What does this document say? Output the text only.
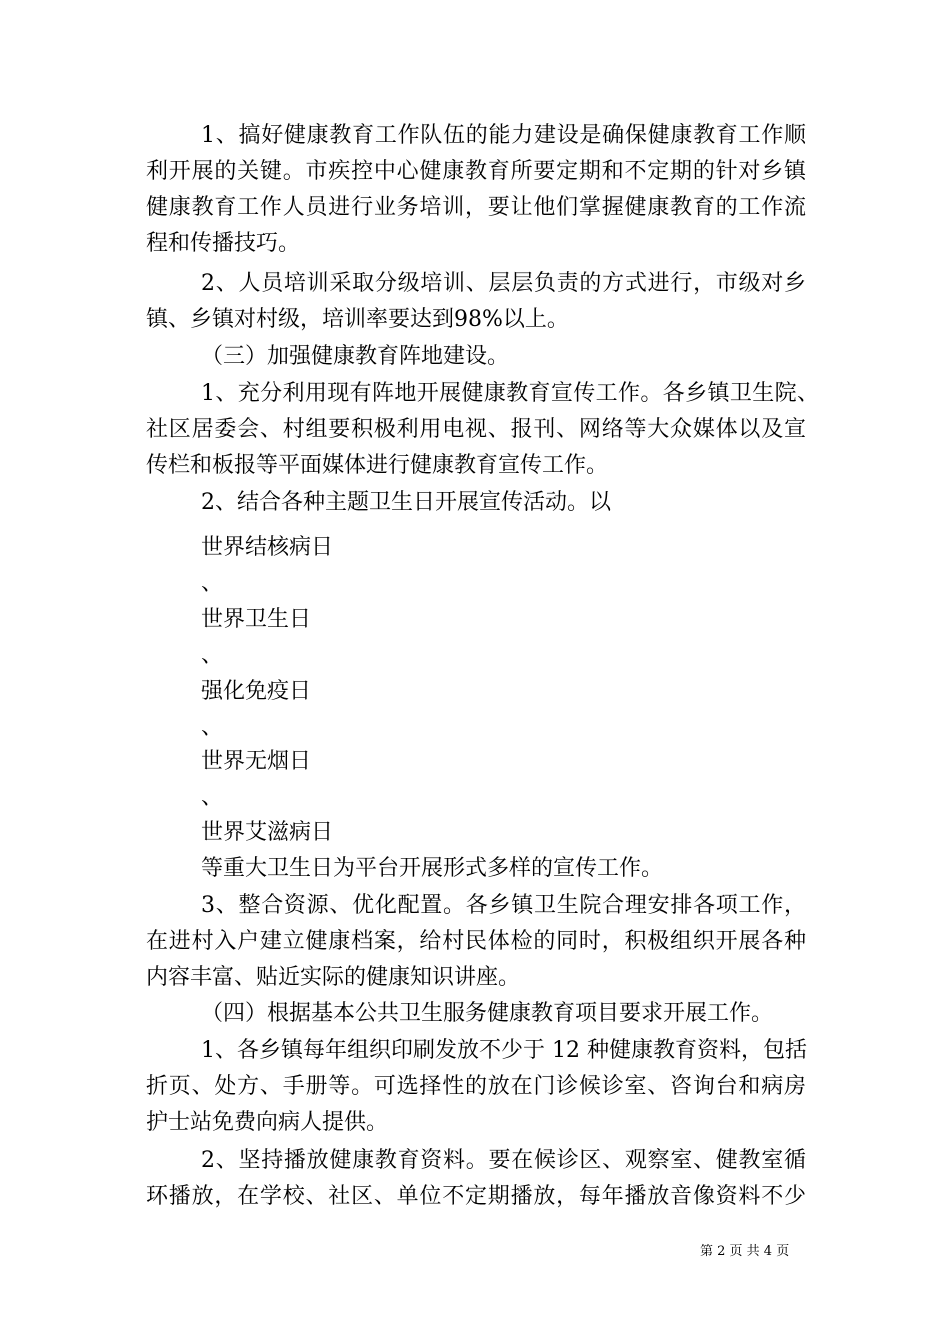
1、搞好健康教育工作队伍的能力建设是确保健康教育工作顺
利开展的关键。市疾控中心健康教育所要定期和不定期的针对乡镇
健康教育工作人员进行业务培训，要让他们掌握健康教育的工作流
程和传播技巧。
2、人员培训采取分级培训、层层负责的方式进行，市级对乡
镇、乡镇对村级，培训率要达到98%以上。
（三）加强健康教育阵地建设。
1、充分利用现有阵地开展健康教育宣传工作。各乡镇卫生院、
社区居委会、村组要积极利用电视、报刊、网络等大众媒体以及宣
传栏和板报等平面媒体进行健康教育宣传工作。
2、结合各种主题卫生日开展宣传活动。以
世界结核病日
、
世界卫生日
、
强化免疫日
、
世界无烟日
、
世界艾滋病日
等重大卫生日为平台开展形式多样的宣传工作。
3、整合资源、优化配置。各乡镇卫生院合理安排各项工作，
在进村入户建立健康档案，给村民体检的同时，积极组织开展各种
内容丰富、贴近实际的健康知识讲座。
（四）根据基本公共卫生服务健康教育项目要求开展工作。
1、各乡镇每年组织印刷发放不少于 12 种健康教育资料，包括
折页、处方、手册等。可选择性的放在门诊候诊室、咨询台和病房
护士站免费向病人提供。
2、坚持播放健康教育资料。要在候诊区、观察室、健教室循
环播放，在学校、社区、单位不定期播放，每年播放音像资料不少
第 2 页 共 4 页
